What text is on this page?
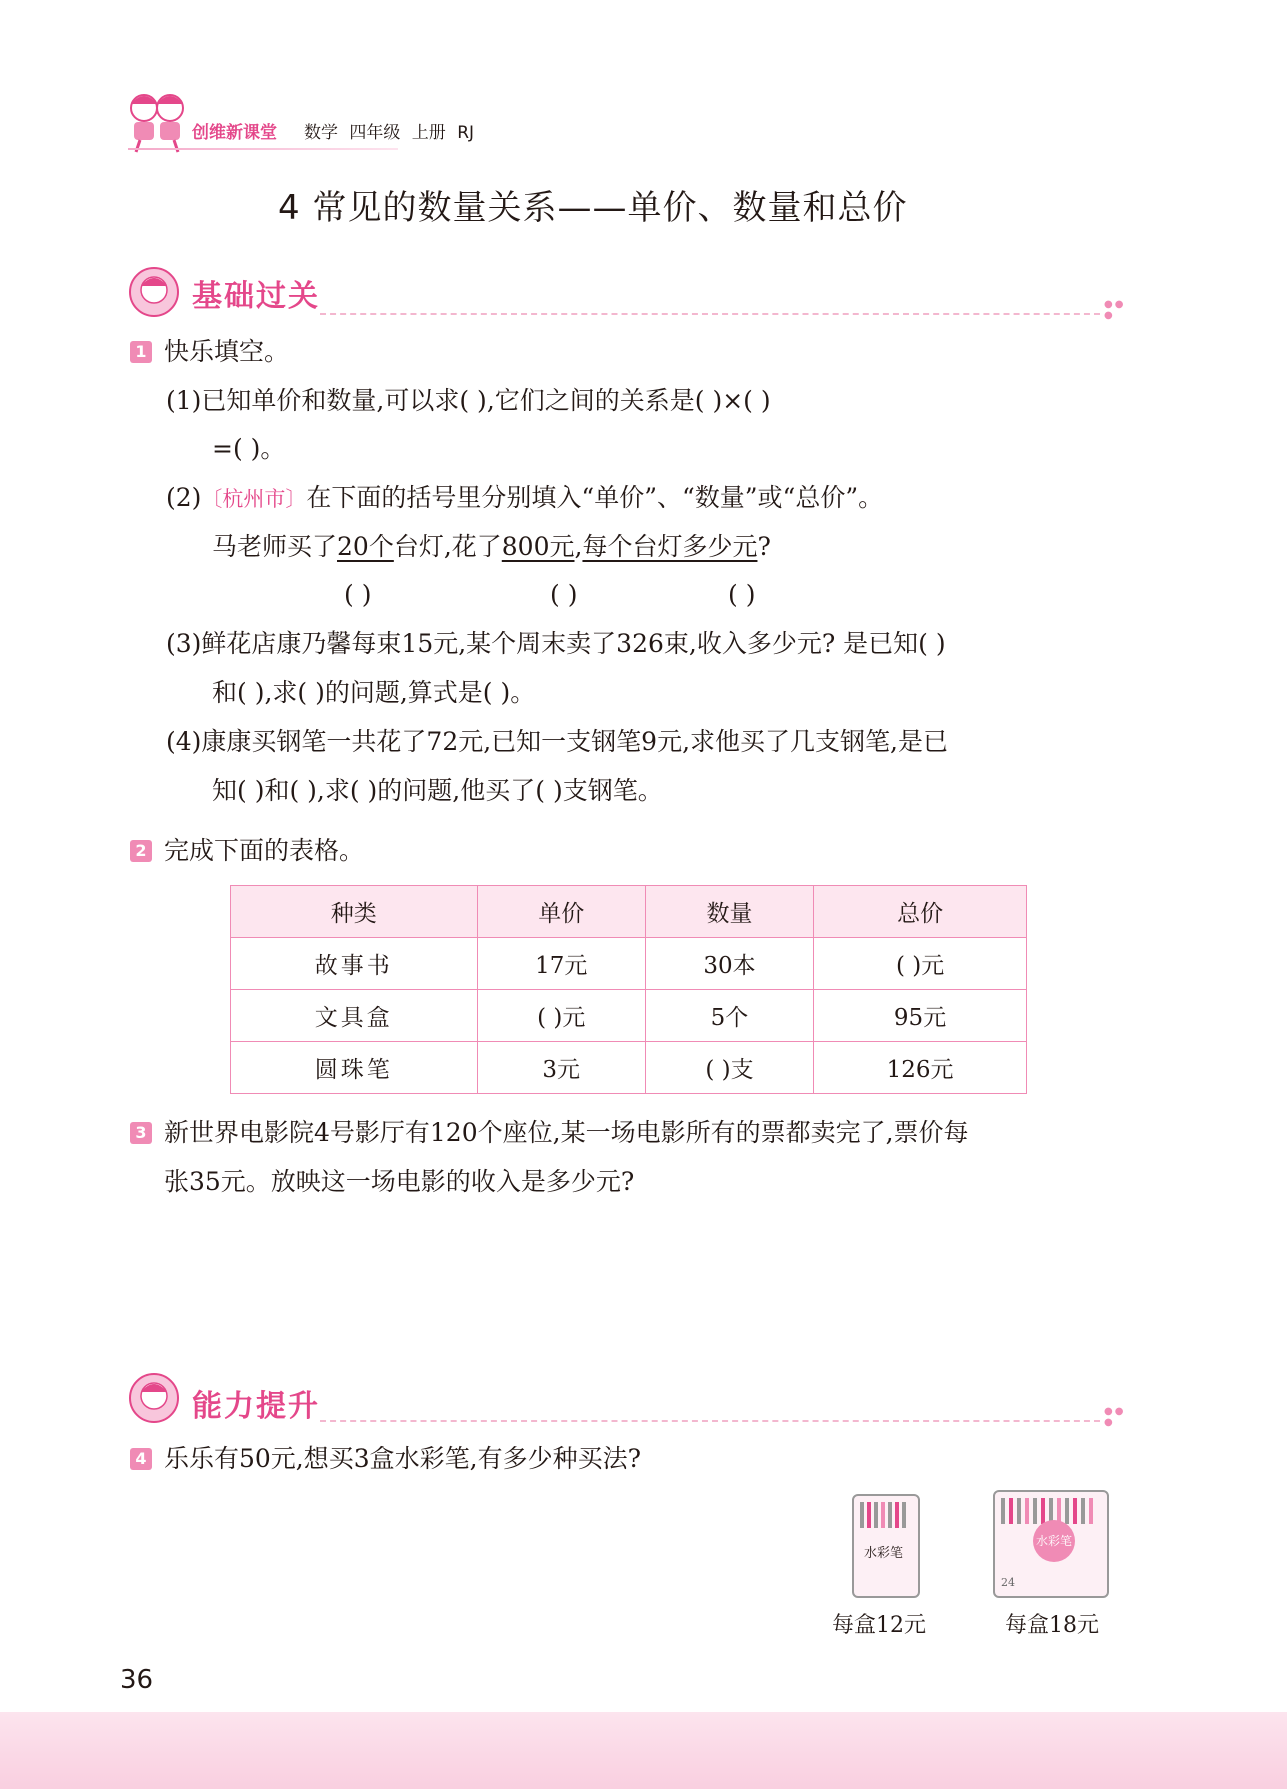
创维新课堂 数学 四年级 上册 RJ
4 常见的数量关系——单价、数量和总价
基础过关	●●
●
1 快乐填空。
(1)已知单价和数量,可以求( ),它们之间的关系是( )×( )
=( )。
(2)〔杭州市〕在下面的括号里分别填入“单价”、“数量”或“总价”。
马老师买了20个台灯,花了800元,每个台灯多少元?
( )	( )	( )
(3)鲜花店康乃馨每束15元,某个周末卖了326束,收入多少元? 是已知( )
和( ),求( )的问题,算式是( )。
(4)康康买钢笔一共花了72元,已知一支钢笔9元,求他买了几支钢笔,是已
知( )和( ),求( )的问题,他买了( )支钢笔。
2 完成下面的表格。
种类	单价	数量	总价
故事书	17元	30本	( )元
文具盒	( )元	5个	95元
圆珠笔	3元	( )支	126元
3 新世界电影院4号影厅有120个座位,某一场电影所有的票都卖完了,票价每
张35元。放映这一场电影的收入是多少元?
能力提升	●●
●
4 乐乐有50元,想买3盒水彩笔,有多少种买法?
水彩笔
每盒12元
水彩笔
24
每盒18元
36
